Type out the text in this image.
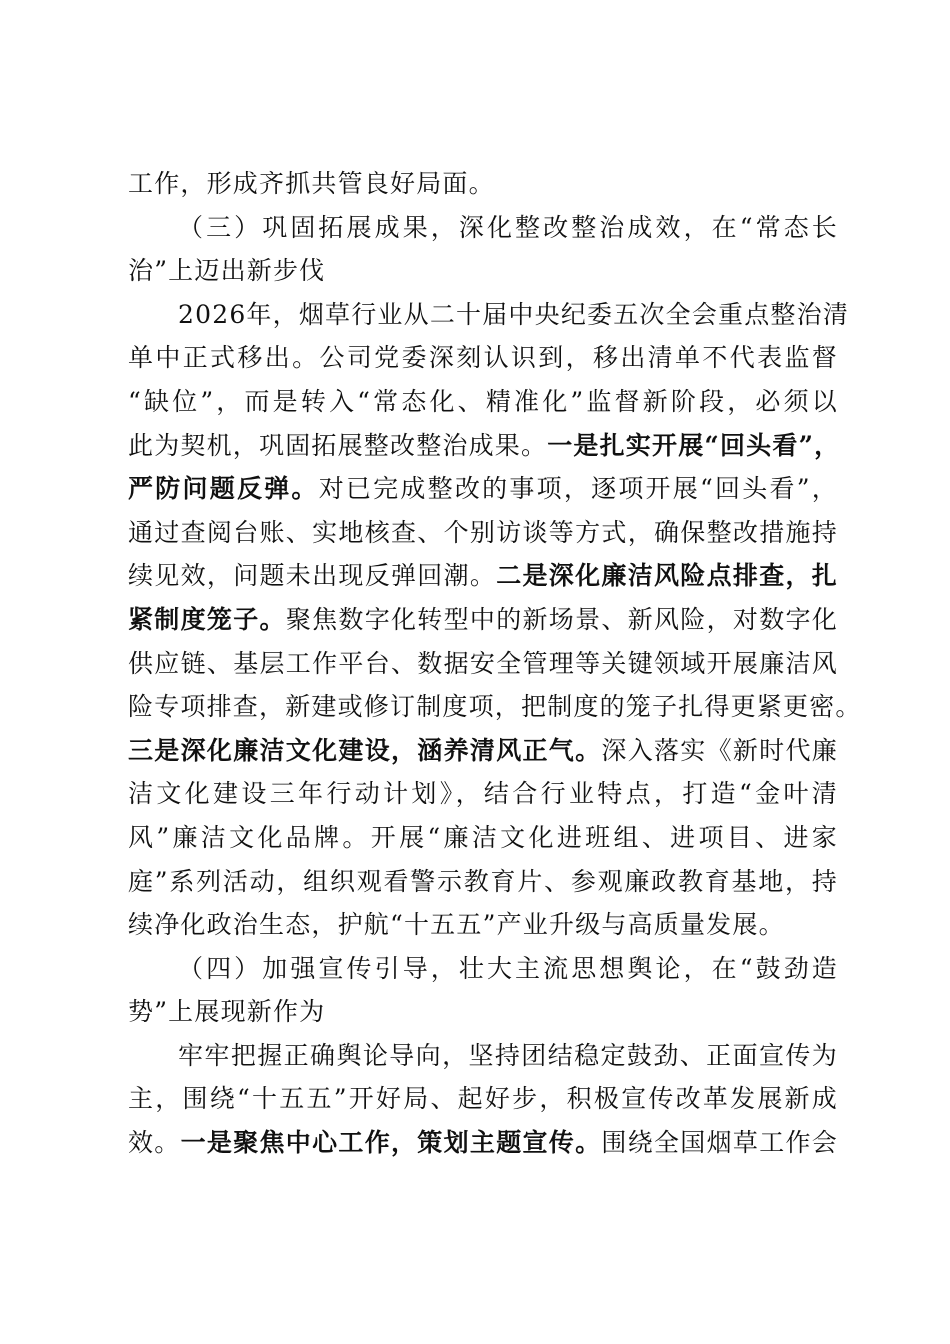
工作，形成齐抓共管良好局面。
（三）巩固拓展成果，深化整改整治成效，在“常态长
治”上迈出新步伐
2026年，烟草行业从二十届中央纪委五次全会重点整治清
单中正式移出。公司党委深刻认识到，移出清单不代表监督
“缺位”，而是转入“常态化、精准化”监督新阶段，必须以
此为契机，巩固拓展整改整治成果。一是扎实开展“回头看”，
严防问题反弹。对已完成整改的事项，逐项开展“回头看”，
通过查阅台账、实地核查、个别访谈等方式，确保整改措施持
续见效，问题未出现反弹回潮。二是深化廉洁风险点排查，扎
紧制度笼子。聚焦数字化转型中的新场景、新风险，对数字化
供应链、基层工作平台、数据安全管理等关键领域开展廉洁风
险专项排查，新建或修订制度项，把制度的笼子扎得更紧更密。
三是深化廉洁文化建设，涵养清风正气。深入落实《新时代廉
洁文化建设三年行动计划》，结合行业特点，打造“金叶清
风”廉洁文化品牌。开展“廉洁文化进班组、进项目、进家
庭”系列活动，组织观看警示教育片、参观廉政教育基地，持
续净化政治生态，护航“十五五”产业升级与高质量发展。
（四）加强宣传引导，壮大主流思想舆论，在“鼓劲造
势”上展现新作为
牢牢把握正确舆论导向，坚持团结稳定鼓劲、正面宣传为
主，围绕“十五五”开好局、起好步，积极宣传改革发展新成
效。一是聚焦中心工作，策划主题宣传。围绕全国烟草工作会
